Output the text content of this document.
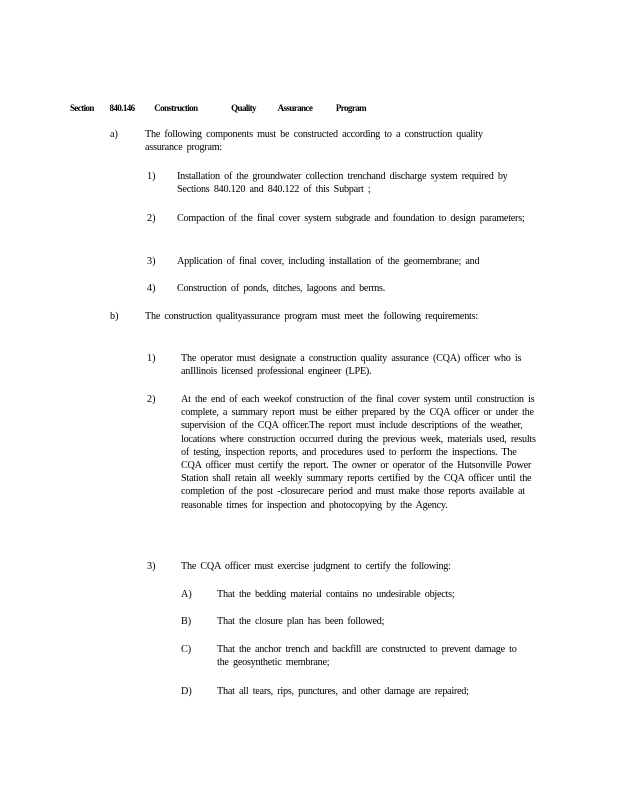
Section 840.146 Construction	Quality Assurance	Program
a)	The following components must be constructed according to a construction quality assurance program:
1) Installation of the groundwater collection trenchand discharge system required by Sections 840.120 and 840.122 of this Subpart ;
2) Compaction of the final cover system subgrade and foundation to design parameters;
3) Application of final cover, including installation of the geomembrane; and
4) Construction of ponds, ditches, lagoons and berms.
b)	The construction qualityassurance program must meet the following requirements:
1)	The operator must designate a construction quality assurance (CQA) officer who is anIllinois licensed professional engineer (LPE).
2)	At the end of each weekof construction of the final cover system until construction is complete, a summary report must be either prepared by the CQA officer or under the supervision of the CQA officer.The report must include descriptions of the weather, locations where construction occurred during the previous week, materials used, results of testing, inspection reports, and procedures used to perform the inspections. The CQA officer must certify the report. The owner or operator of the Hutsonville Power Station shall retain all weekly summary reports certified by the CQA officer until the completion of the post -closurecare period and must make those reports available at reasonable times for inspection and photocopying by the Agency.
3)	The CQA officer must exercise judgment to certify the following:
A) That the bedding material contains no undesirable objects;
B)	That the closure plan has been followed;
C)	That the anchor trench and backfill are constructed to prevent damage to the geosynthetic membrane;
D) That all tears, rips, punctures, and other damage are repaired;
